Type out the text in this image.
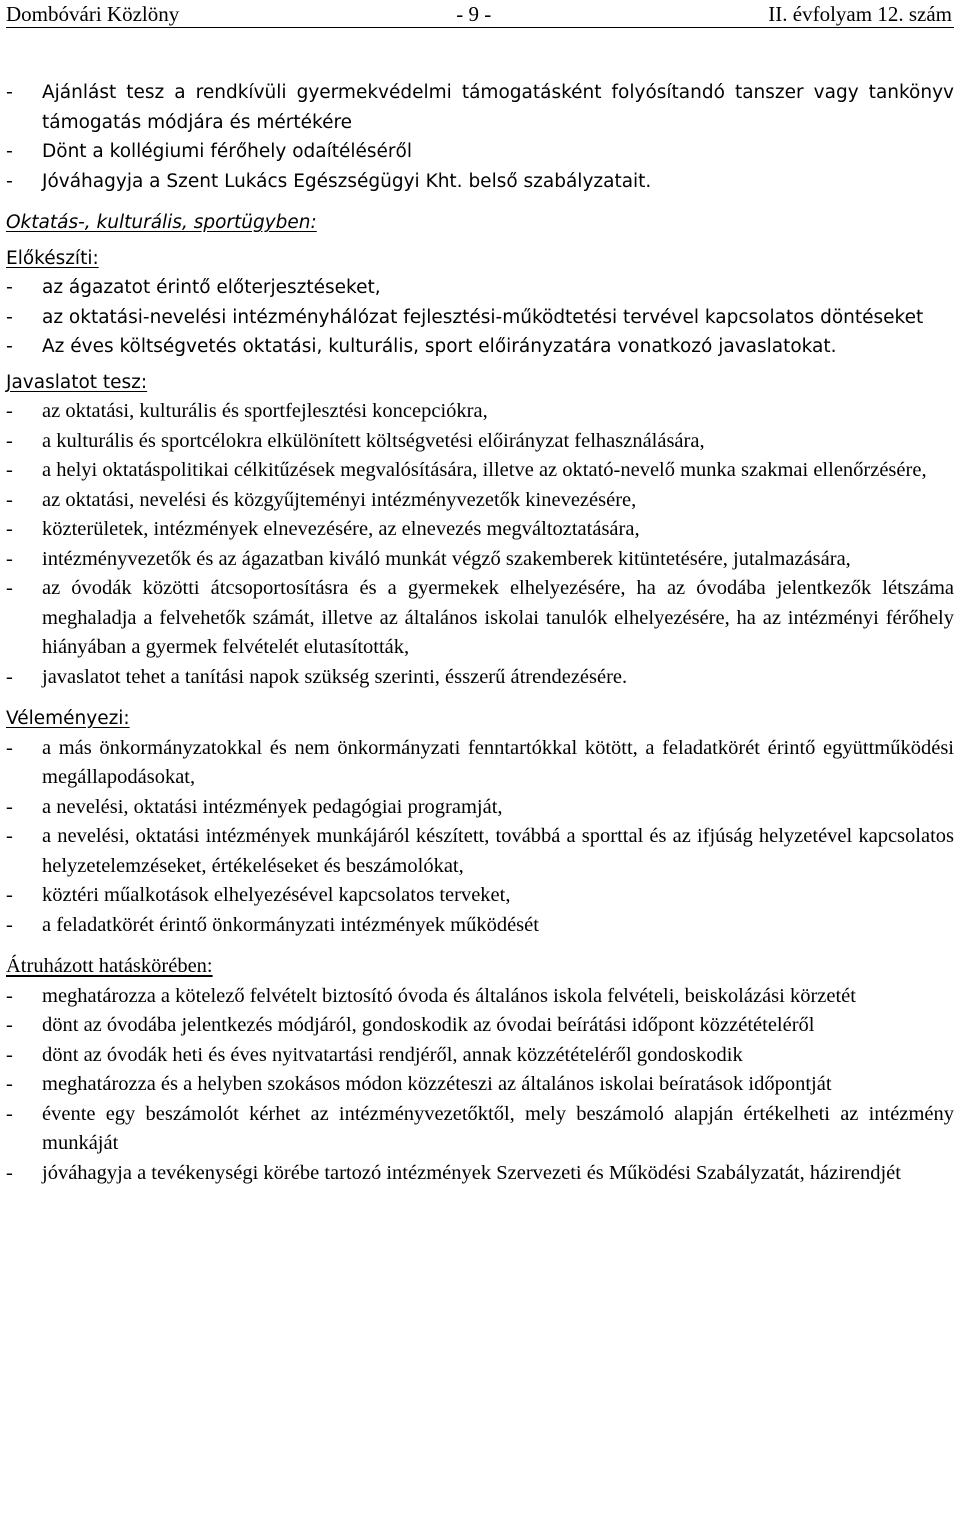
Dombóvári Közlöny	- 9 -	II. évfolyam 12. szám
- Ajánlást tesz a rendkívüli gyermekvédelmi támogatásként folyósítandó tanszer vagy tankönyv támogatás módjára és mértékére
- Dönt a kollégiumi férőhely odaítéléséről
- Jóváhagyja a Szent Lukács Egészségügyi Kht. belső szabályzatait.
Oktatás-, kulturális, sportügyben:
Előkészíti:
- az ágazatot érintő előterjesztéseket,
- az oktatási-nevelési intézményhálózat fejlesztési-működtetési tervével kapcsolatos döntéseket
- Az éves költségvetés oktatási, kulturális, sport előirányzatára vonatkozó javaslatokat.
Javaslatot tesz:
- az oktatási, kulturális és sportfejlesztési koncepciókra,
- a kulturális és sportcélokra elkülönített költségvetési előirányzat felhasználására,
- a helyi oktatáspolitikai célkitűzések megvalósítására, illetve az oktató-nevelő munka szakmai ellenőrzésére,
- az oktatási, nevelési és közgyűjteményi intézményvezetők kinevezésére,
- közterületek, intézmények elnevezésére, az elnevezés megváltoztatására,
- intézményvezetők és az ágazatban kiváló munkát végző szakemberek kitüntetésére, jutalmazására,
- az óvodák közötti átcsoportosításra és a gyermekek elhelyezésére, ha az óvodába jelentkezők létszáma meghaladja a felvehetők számát, illetve az általános iskolai tanulók elhelyezésére, ha az intézményi férőhely hiányában a gyermek felvételét elutasították,
- javaslatot tehet a tanítási napok szükség szerinti, ésszerű átrendezésére.
Véleményezi:
- a más önkormányzatokkal és nem önkormányzati fenntartókkal kötött, a feladatkörét érintő együttműködési megállapodásokat,
- a nevelési, oktatási intézmények pedagógiai programját,
- a nevelési, oktatási intézmények munkájáról készített, továbbá a sporttal és az ifjúság helyzetével kapcsolatos helyzetelemzéseket, értékeléseket és beszámolókat,
- köztéri műalkotások elhelyezésével kapcsolatos terveket,
- a feladatkörét érintő önkormányzati intézmények működését
Átruházott hatáskörében:
- meghatározza a kötelező felvételt biztosító óvoda és általános iskola felvételi, beiskolázási körzetét
- dönt az óvodába jelentkezés módjáról, gondoskodik az óvodai beírátási időpont közzétételéről
- dönt az óvodák heti és éves nyitvatartási rendjéről, annak közzétételéről gondoskodik
- meghatározza és a helyben szokásos módon közzéteszi az általános iskolai beíratások időpontját
- évente egy beszámolót kérhet az intézményvezetőktől, mely beszámoló alapján értékelheti az intézmény munkáját
- jóváhagyja a tevékenységi körébe tartozó intézmények Szervezeti és Működési Szabályzatát, házirendjét
